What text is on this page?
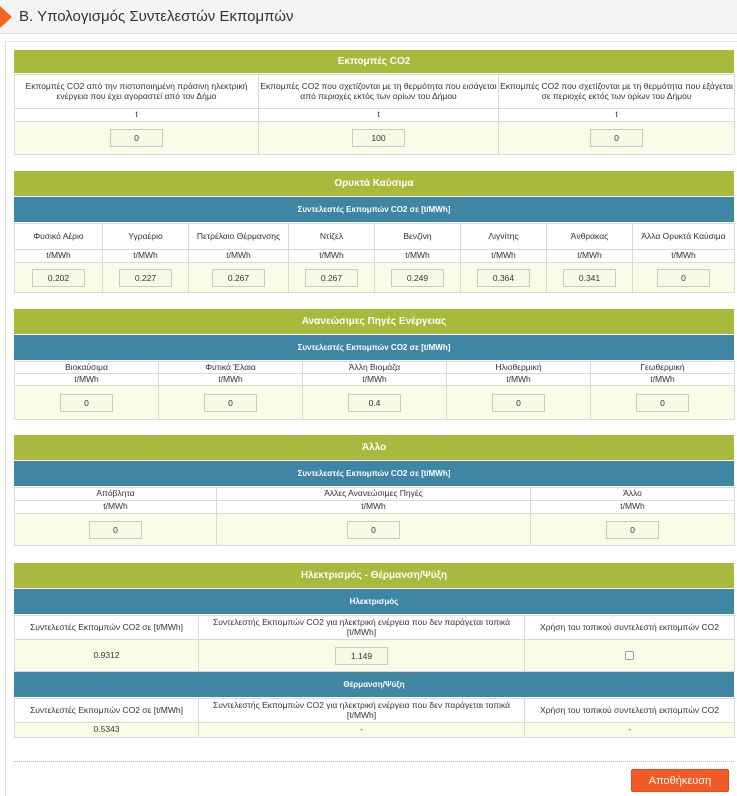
Β. Υπολογισμός Συντελεστών Εκπομπών
Εκπομπές CO2
Εκπομπές CO2 από την πιστοποιημένη πράσινη ηλεκτρική ενέργεια που έχει αγοραστεί από τον Δήμο	Εκπομπές CO2 που σχετίζονται με τη θερμότητα που εισάγεται από περιοχές εκτός των ορίων του Δήμου	Εκπομπές CO2 που σχετίζονται με τη θερμότητα που εξάγεται σε περιοχές εκτός των ορίων του Δήμου
t	t	t
0	100	0
Ορυκτά Καύσιμα
Συντελεστές Εκπομπών CO2 σε [t/MWh]
Φυσικό Αέριο	Υγραέριο	Πετρέλαιο Θέρμανσης	Ντίζελ	Βενζίνη	Λιγνίτης	Άνθρακας	Άλλα Ορυκτά Καύσιμα
t/MWh	t/MWh	t/MWh	t/MWh	t/MWh	t/MWh	t/MWh	t/MWh
0.202	0.227	0.267	0.267	0.249	0.364	0.341	0
Ανανεώσιμες Πηγές Ενέργειας
Συντελεστές Εκπομπών CO2 σε [t/MWh]
Βιοκαύσιμα	Φυτικά Έλαια	Άλλη Βιομάζα	Ηλιοθερμική	Γεωθερμική
t/MWh	t/MWh	t/MWh	t/MWh	t/MWh
0	0	0.4	0	0
Άλλο
Συντελεστές Εκπομπών CO2 σε [t/MWh]
Απόβλητα	Άλλες Ανανεώσιμες Πηγές	Άλλο
t/MWh	t/MWh	t/MWh
0	0	0
Ηλεκτρισμός - Θέρμανση/Ψύξη
Ηλεκτρισμός
Συντελεστές Εκπομπών CO2 σε [t/MWh]	Συντελεστής Εκπομπών CO2 για ηλεκτρική ενέργεια που δεν παράγεται τοπικά [t/MWh]	Χρήση του τοπικού συντελεστή εκπομπών CO2
0.9312	1.149	
Θέρμανση/Ψύξη
Συντελεστές Εκπομπών CO2 σε [t/MWh]	Συντελεστής Εκπομπών CO2 για ηλεκτρική ενέργεια που δεν παράγεται τοπικά [t/MWh]	Χρήση του τοπικού συντελεστή εκπομπών CO2
0.5343	-	-
Αποθήκευση
